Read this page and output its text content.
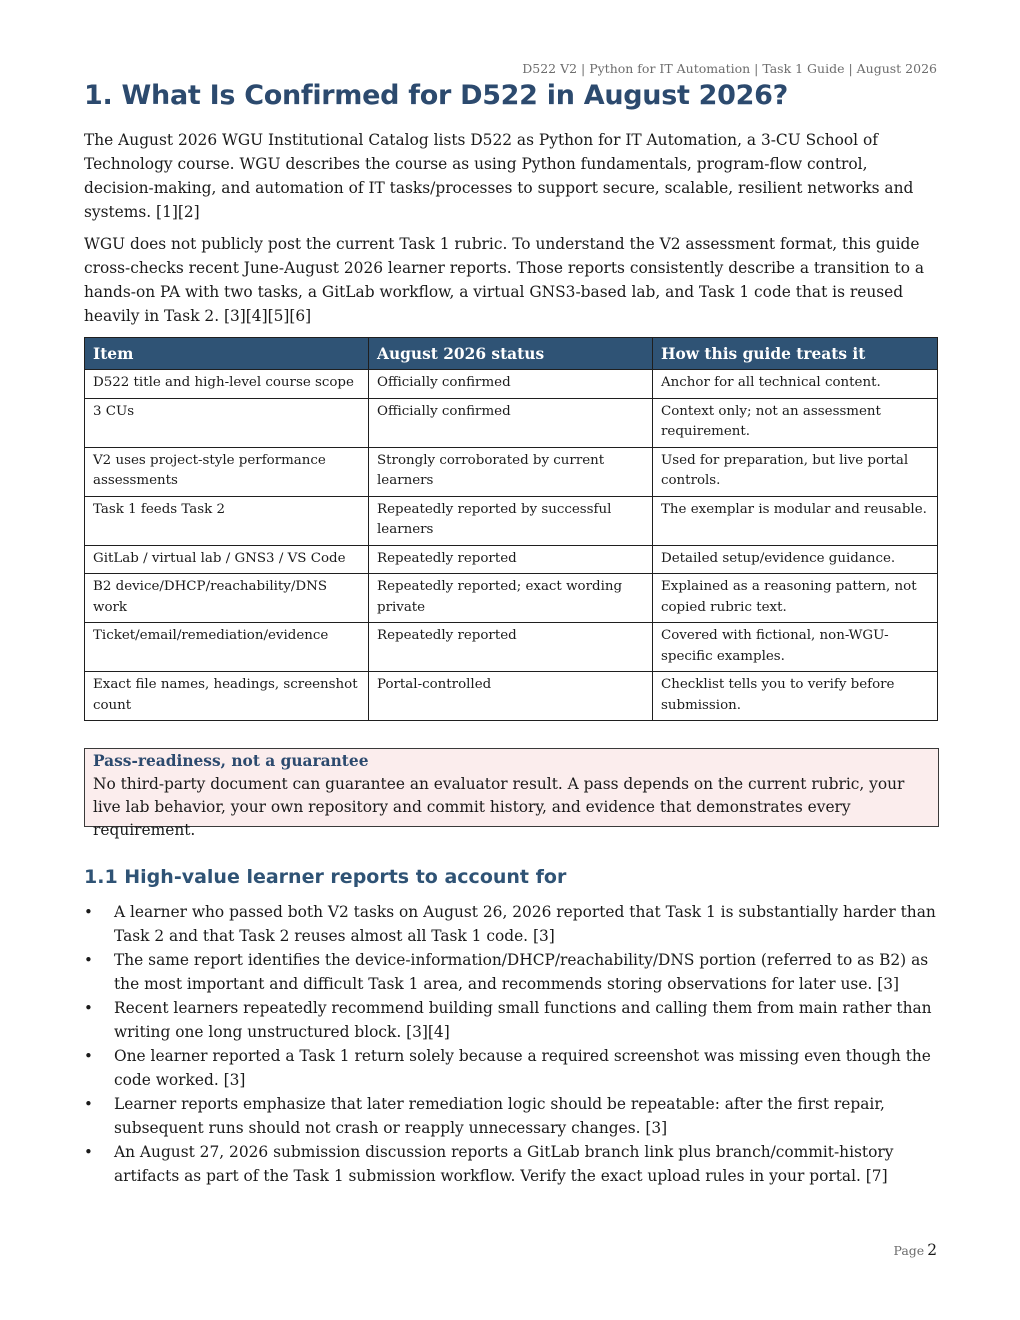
D522 V2 | Python for IT Automation | Task 1 Guide | August 2026
1. What Is Confirmed for D522 in August 2026?

The August 2026 WGU Institutional Catalog lists D522 as Python for IT Automation, a 3-CU School of Technology course. WGU describes the course as using Python fundamentals, program-flow control, decision-making, and automation of IT tasks/processes to support secure, scalable, resilient networks and systems. [1][2]

WGU does not publicly post the current Task 1 rubric. To understand the V2 assessment format, this guide cross-checks recent June-August 2026 learner reports. Those reports consistently describe a transition to a hands-on PA with two tasks, a GitLab workflow, a virtual GNS3-based lab, and Task 1 code that is reused heavily in Task 2. [3][4][5][6]

Item	August 2026 status	How this guide treats it
D522 title and high-level course scope	Officially confirmed	Anchor for all technical content.
3 CUs	Officially confirmed	Context only; not an assessment requirement.
V2 uses project-style performance assessments	Strongly corroborated by current learners	Used for preparation, but live portal controls.
Task 1 feeds Task 2	Repeatedly reported by successful learners	The exemplar is modular and reusable.
GitLab / virtual lab / GNS3 / VS Code	Repeatedly reported	Detailed setup/evidence guidance.
B2 device/DHCP/reachability/DNS work	Repeatedly reported; exact wording private	Explained as a reasoning pattern, not copied rubric text.
Ticket/email/remediation/evidence	Repeatedly reported	Covered with fictional, non-WGU-specific examples.
Exact file names, headings, screenshot count	Portal-controlled	Checklist tells you to verify before submission.
Pass-readiness, not a guarantee

No third-party document can guarantee an evaluator result. A pass depends on the current rubric, your live lab behavior, your own repository and commit history, and evidence that demonstrates every requirement.

1.1 High-value learner reports to account for
• A learner who passed both V2 tasks on August 26, 2026 reported that Task 1 is substantially harder than Task 2 and that Task 2 reuses almost all Task 1 code. [3]
• The same report identifies the device-information/DHCP/reachability/DNS portion (referred to as B2) as the most important and difficult Task 1 area, and recommends storing observations for later use. [3]
• Recent learners repeatedly recommend building small functions and calling them from main rather than writing one long unstructured block. [3][4]
• One learner reported a Task 1 return solely because a required screenshot was missing even though the code worked. [3]
• Learner reports emphasize that later remediation logic should be repeatable: after the first repair, subsequent runs should not crash or reapply unnecessary changes. [3]
• An August 27, 2026 submission discussion reports a GitLab branch link plus branch/commit-history artifacts as part of the Task 1 submission workflow. Verify the exact upload rules in your portal. [7]
Page 2
